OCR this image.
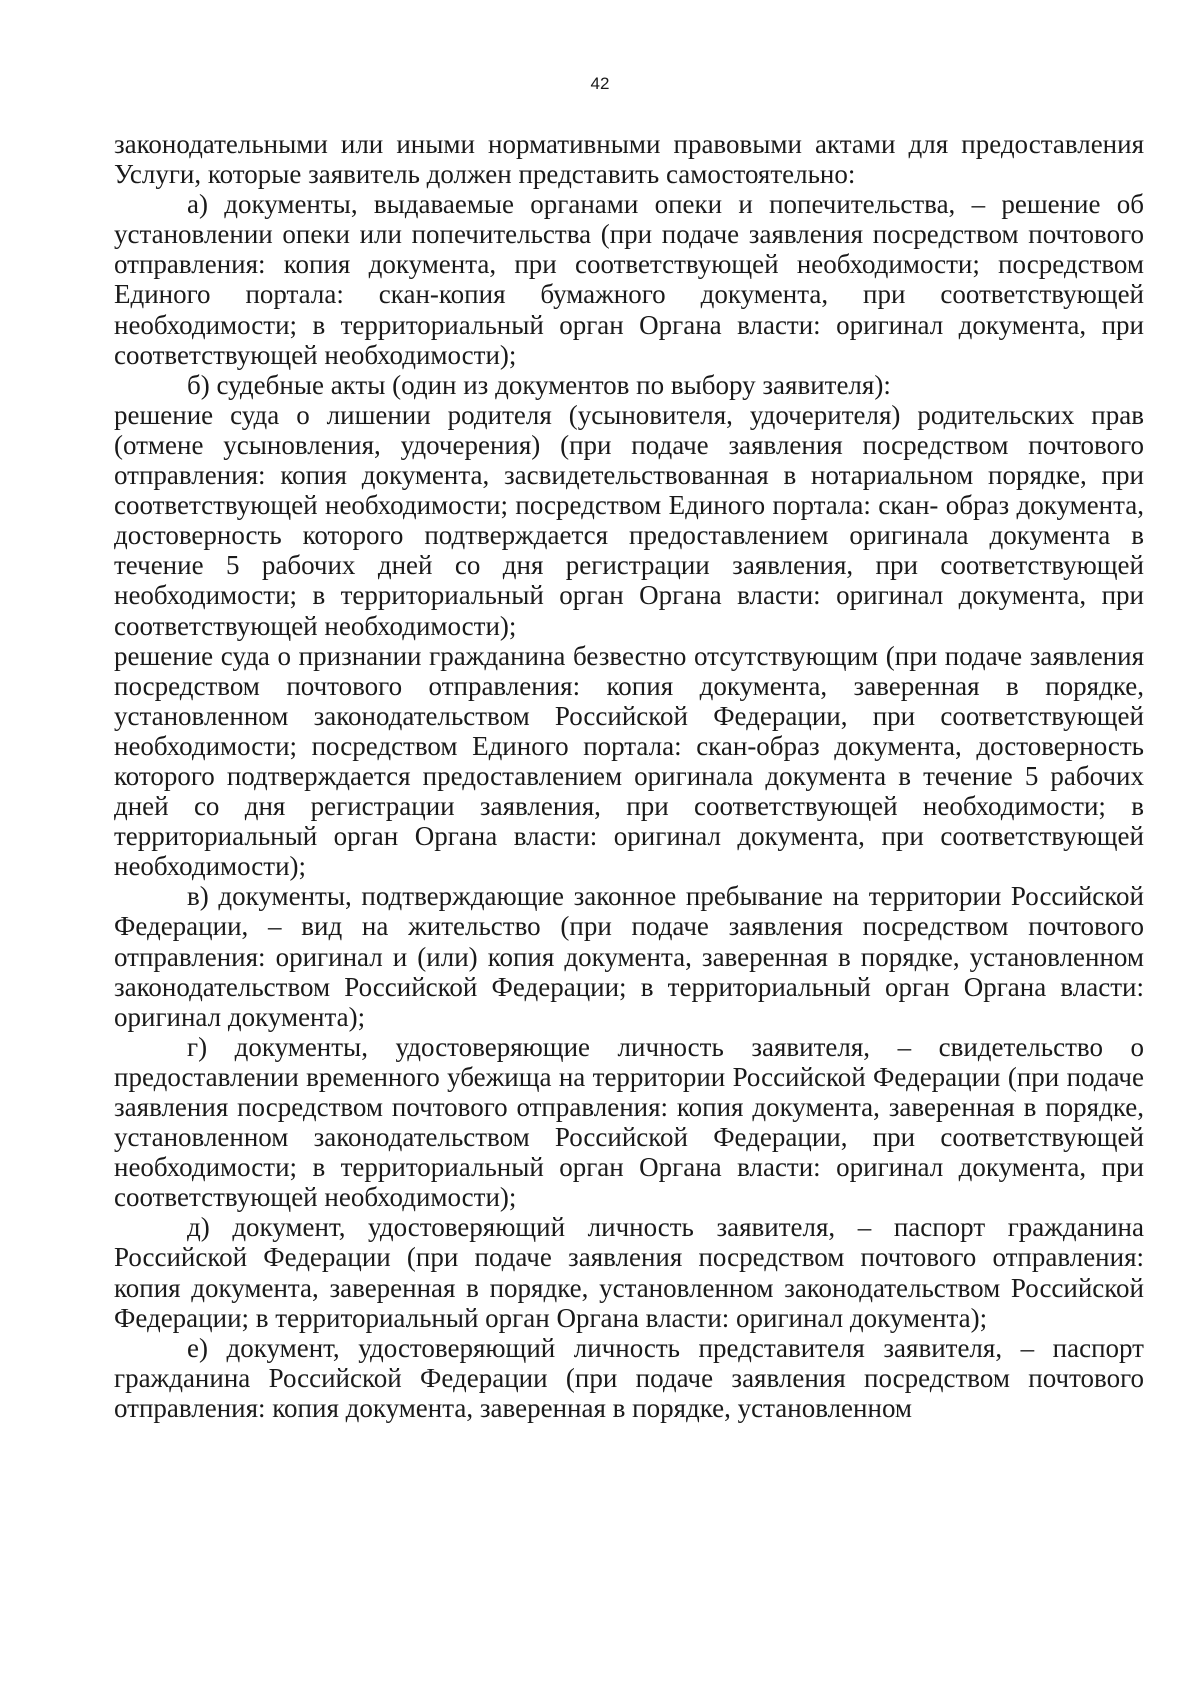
42

законодательными или иными нормативными правовыми актами для предоставления Услуги, которые заявитель должен представить самостоятельно:

а) документы, выдаваемые органами опеки и попечительства, – решение об установлении опеки или попечительства (при подаче заявления посредством почтового отправления: копия документа, при соответствующей необходимости; посредством Единого портала: скан-копия бумажного документа, при соответствующей необходимости; в территориальный орган Органа власти: оригинал документа, при соответствующей необходимости);

б) судебные акты (один из документов по выбору заявителя):

решение суда о лишении родителя (усыновителя, удочерителя) родительских прав (отмене усыновления, удочерения) (при подаче заявления посредством почтового отправления: копия документа, засвидетельствованная в нотариальном порядке, при соответствующей необходимости; посредством Единого портала: скан- образ документа, достоверность которого подтверждается предоставлением оригинала документа в течение 5 рабочих дней со дня регистрации заявления, при соответствующей необходимости; в территориальный орган Органа власти: оригинал документа, при соответствующей необходимости);

решение суда о признании гражданина безвестно отсутствующим (при подаче заявления посредством почтового отправления: копия документа, заверенная в порядке, установленном законодательством Российской Федерации, при соответствующей необходимости; посредством Единого портала: скан-образ документа, достоверность которого подтверждается предоставлением оригинала документа в течение 5 рабочих дней со дня регистрации заявления, при соответствующей необходимости; в территориальный орган Органа власти: оригинал документа, при соответствующей необходимости);

в) документы, подтверждающие законное пребывание на территории Российской Федерации, – вид на жительство (при подаче заявления посредством почтового отправления: оригинал и (или) копия документа, заверенная в порядке, установленном законодательством Российской Федерации; в территориальный орган Органа власти: оригинал документа);

г) документы, удостоверяющие личность заявителя, – свидетельство о предоставлении временного убежища на территории Российской Федерации (при подаче заявления посредством почтового отправления: копия документа, заверенная в порядке, установленном законодательством Российской Федерации, при соответствующей необходимости; в территориальный орган Органа власти: оригинал документа, при соответствующей необходимости);

д) документ, удостоверяющий личность заявителя, – паспорт гражданина Российской Федерации (при подаче заявления посредством почтового отправления: копия документа, заверенная в порядке, установленном законодательством Российской Федерации; в территориальный орган Органа власти: оригинал документа);

е) документ, удостоверяющий личность представителя заявителя, – паспорт гражданина Российской Федерации (при подаче заявления посредством почтового отправления: копия документа, заверенная в порядке, установленном
